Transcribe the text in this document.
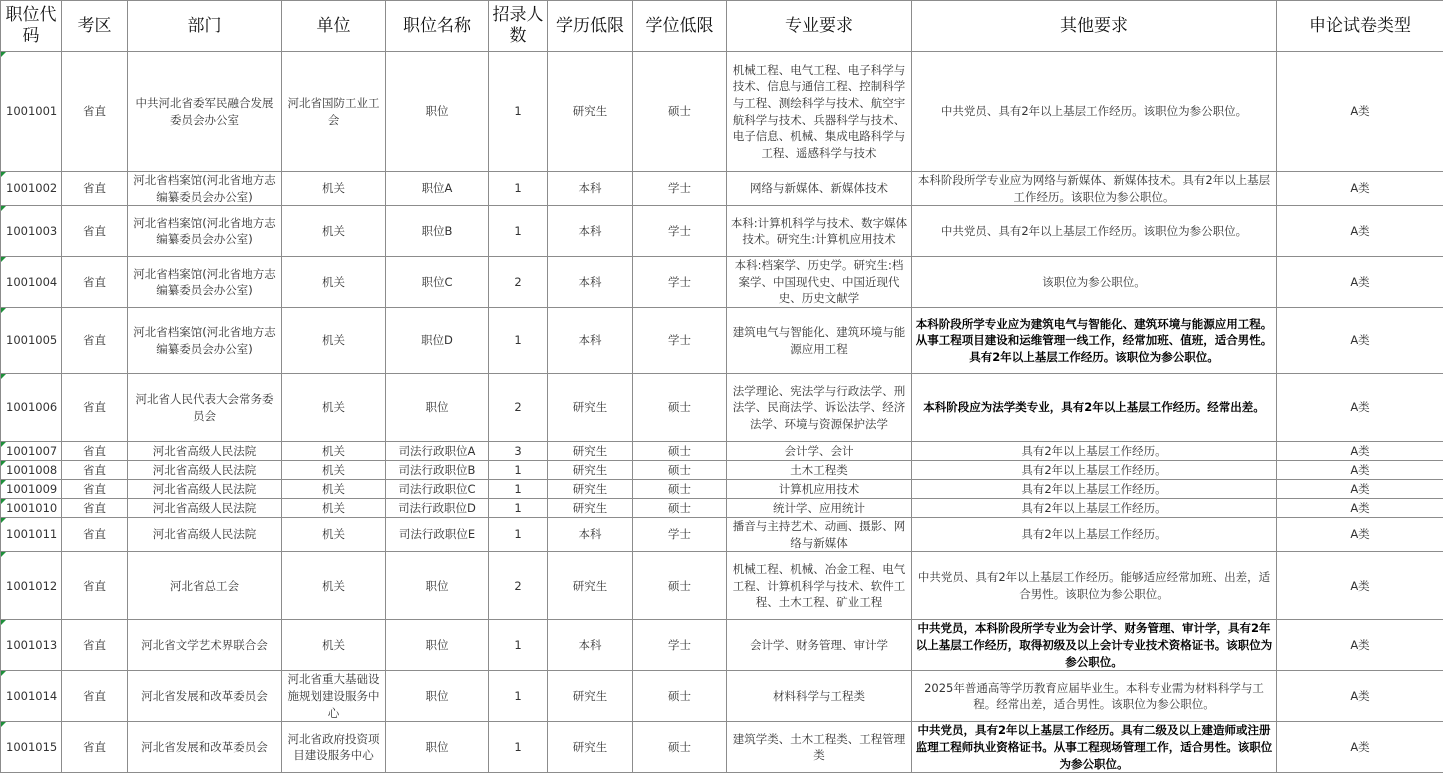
职位代码	考区	部门	单位	职位名称	招录人数	学历低限	学位低限	专业要求	其他要求	申论试卷类型
1001001	省直	中共河北省委军民融合发展委员会办公室	河北省国防工业工会	职位	1	研究生	硕士	机械工程、电气工程、电子科学与技术、信息与通信工程、控制科学与工程、测绘科学与技术、航空宇航科学与技术、兵器科学与技术、电子信息、机械、集成电路科学与工程、遥感科学与技术	中共党员、具有2年以上基层工作经历。该职位为参公职位。	A类
1001002	省直	河北省档案馆(河北省地方志编纂委员会办公室)	机关	职位A	1	本科	学士	网络与新媒体、新媒体技术	本科阶段所学专业应为网络与新媒体、新媒体技术。具有2年以上基层工作经历。该职位为参公职位。	A类
1001003	省直	河北省档案馆(河北省地方志编纂委员会办公室)	机关	职位B	1	本科	学士	本科:计算机科学与技术、数字媒体技术。研究生:计算机应用技术	中共党员、具有2年以上基层工作经历。该职位为参公职位。	A类
1001004	省直	河北省档案馆(河北省地方志编纂委员会办公室)	机关	职位C	2	本科	学士	本科:档案学、历史学。研究生:档案学、中国现代史、中国近现代史、历史文献学	该职位为参公职位。	A类
1001005	省直	河北省档案馆(河北省地方志编纂委员会办公室)	机关	职位D	1	本科	学士	建筑电气与智能化、建筑环境与能源应用工程	本科阶段所学专业应为建筑电气与智能化、建筑环境与能源应用工程。从事工程项目建设和运维管理一线工作，经常加班、值班，适合男性。具有2年以上基层工作经历。该职位为参公职位。	A类
1001006	省直	河北省人民代表大会常务委员会	机关	职位	2	研究生	硕士	法学理论、宪法学与行政法学、刑法学、民商法学、诉讼法学、经济法学、环境与资源保护法学	本科阶段应为法学类专业，具有2年以上基层工作经历。经常出差。	A类
1001007	省直	河北省高级人民法院	机关	司法行政职位A	3	研究生	硕士	会计学、会计	具有2年以上基层工作经历。	A类
1001008	省直	河北省高级人民法院	机关	司法行政职位B	1	研究生	硕士	土木工程类	具有2年以上基层工作经历。	A类
1001009	省直	河北省高级人民法院	机关	司法行政职位C	1	研究生	硕士	计算机应用技术	具有2年以上基层工作经历。	A类
1001010	省直	河北省高级人民法院	机关	司法行政职位D	1	研究生	硕士	统计学、应用统计	具有2年以上基层工作经历。	A类
1001011	省直	河北省高级人民法院	机关	司法行政职位E	1	本科	学士	播音与主持艺术、动画、摄影、网络与新媒体	具有2年以上基层工作经历。	A类
1001012	省直	河北省总工会	机关	职位	2	研究生	硕士	机械工程、机械、冶金工程、电气工程、计算机科学与技术、软件工程、土木工程、矿业工程	中共党员、具有2年以上基层工作经历。能够适应经常加班、出差，适合男性。该职位为参公职位。	A类
1001013	省直	河北省文学艺术界联合会	机关	职位	1	本科	学士	会计学、财务管理、审计学	中共党员，本科阶段所学专业为会计学、财务管理、审计学，具有2年以上基层工作经历，取得初级及以上会计专业技术资格证书。该职位为参公职位。	A类
1001014	省直	河北省发展和改革委员会	河北省重大基础设施规划建设服务中心	职位	1	研究生	硕士	材料科学与工程类	2025年普通高等学历教育应届毕业生。本科专业需为材料科学与工程。经常出差，适合男性。该职位为参公职位。	A类
1001015	省直	河北省发展和改革委员会	河北省政府投资项目建设服务中心	职位	1	研究生	硕士	建筑学类、土木工程类、工程管理类	中共党员，具有2年以上基层工作经历。具有二级及以上建造师或注册监理工程师执业资格证书。从事工程现场管理工作，适合男性。该职位为参公职位。	A类
